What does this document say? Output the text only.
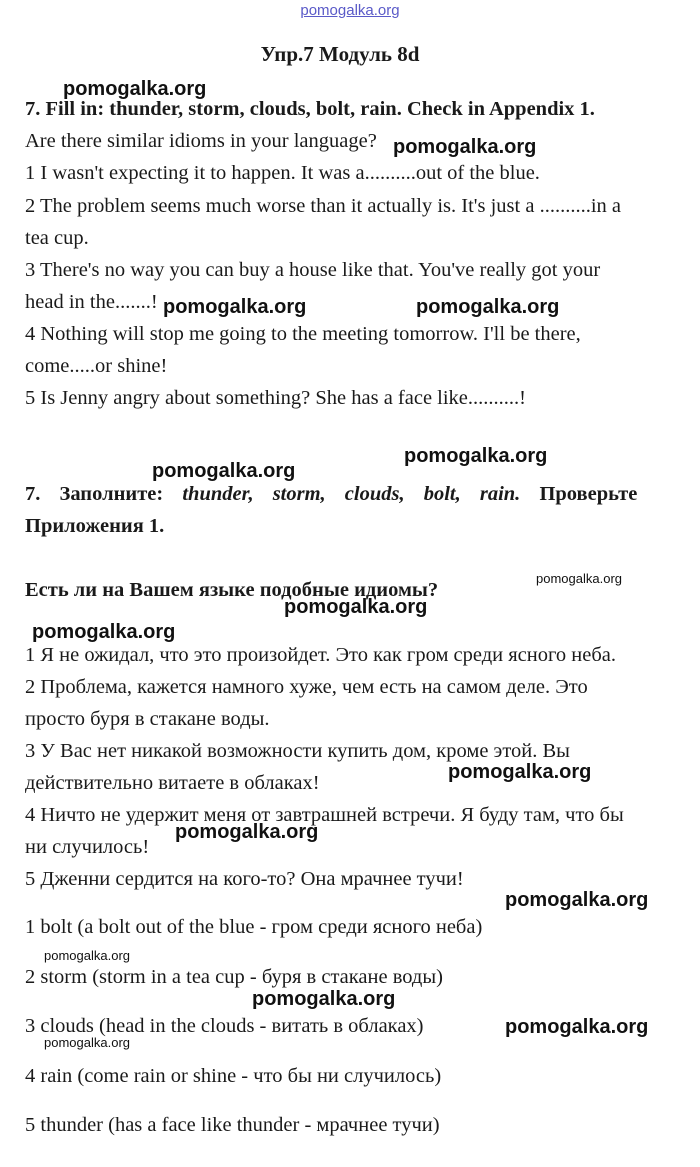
pomogalka.org
Упр.7 Модуль 8d
7. Fill in: thunder, storm, clouds, bolt, rain. Check in Appendix 1.
Are there similar idioms in your language?
1 I wasn't expecting it to happen. It was a..........out of the blue.
2 The problem seems much worse than it actually is. It's just a ..........in a
tea cup.
3 There's no way you can buy a house like that. You've really got your
head in the.......!
4 Nothing will stop me going to the meeting tomorrow. I'll be there,
come.....or shine!
5 Is Jenny angry about something? She has a face like..........!
7. Заполните: thunder, storm, clouds, bolt, rain. Проверьте
Приложения 1.
Есть ли на Вашем языке подобные идиомы?
1 Я не ожидал, что это произойдет. Это как гром среди ясного неба.
2 Проблема, кажется намного хуже, чем есть на самом деле. Это
просто буря в стакане воды.
3 У Вас нет никакой возможности купить дом, кроме этой. Вы
действительно витаете в облаках!
4 Ничто не удержит меня от завтрашней встречи. Я буду там, что бы
ни случилось!
5 Дженни сердится на кого-то? Она мрачнее тучи!
1 bolt (a bolt out of the blue - гром среди ясного неба)
2 storm (storm in a tea cup - буря в стакане воды)
3 clouds (head in the clouds - витать в облаках)
4 rain (come rain or shine - что бы ни случилось)
5 thunder (has a face like thunder - мрачнее тучи)
pomogalka.org
pomogalka.org
pomogalka.org	pomogalka.org
pomogalka.org
pomogalka.org
pomogalka.org
pomogalka.org
pomogalka.org
pomogalka.org
pomogalka.org
pomogalka.org
pomogalka.org
pomogalka.org
pomogalka.org
pomogalka.org
